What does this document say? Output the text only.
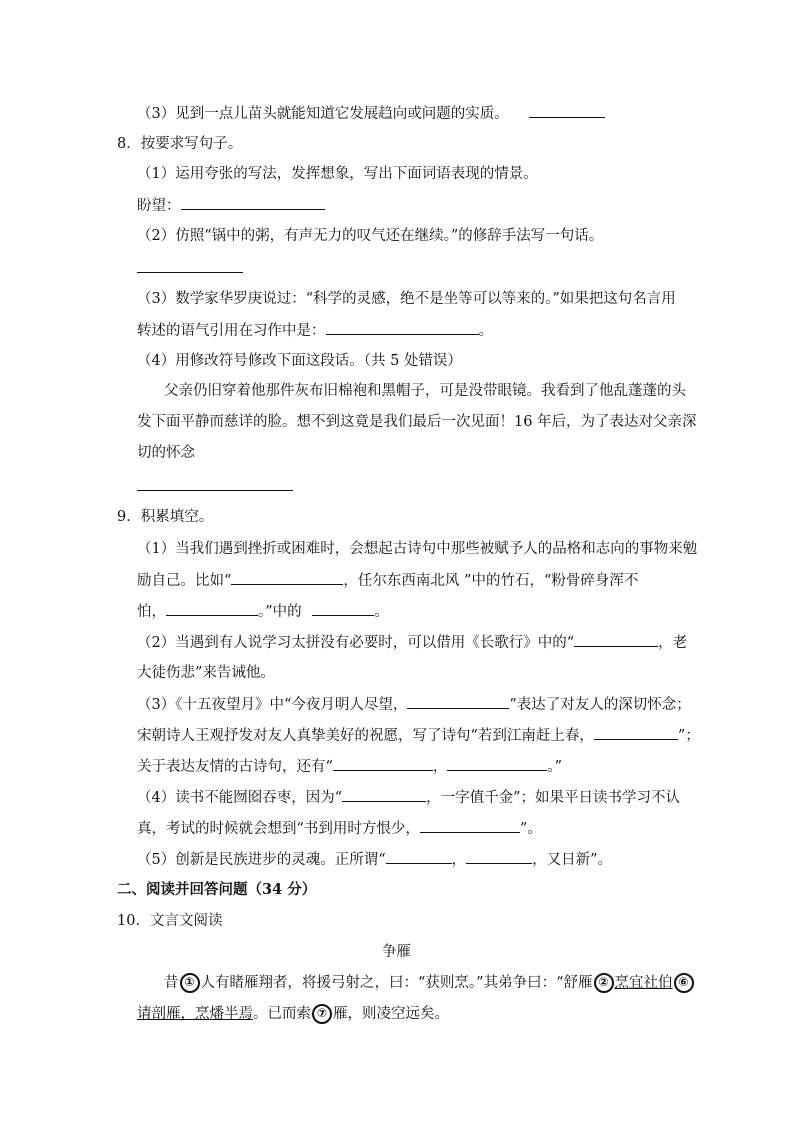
（3）见到一点儿苗头就能知道它发展趋向或问题的实质。
8．按要求写句子。
（1）运用夸张的写法，发挥想象，写出下面词语表现的情景。
盼望：
（2）仿照“锅中的粥，有声无力的叹气还在继续。”的修辞手法写一句话。
（3）数学家华罗庚说过：“科学的灵感，绝不是坐等可以等来的。”如果把这句名言用
转述的语气引用在习作中是：	。
（4）用修改符号修改下面这段话。（共 5 处错误）
父亲仍旧穿着他那件灰布旧棉袍和黑帽子，可是没带眼镜。我看到了他乱蓬蓬的头
发下面平静而慈详的脸。想不到这竟是我们最后一次见面！16 年后，为了表达对父亲深
切的怀念
9．积累填空。
（1）当我们遇到挫折或困难时，会想起古诗句中那些被赋予人的品格和志向的事物来勉
励自己。比如“	，任尔东西南北风 ”中的竹石，“粉骨碎身浑不
怕，	。”中的	。
（2）当遇到有人说学习太拼没有必要时，可以借用《长歌行》中的“	，老
大徒伤悲”来告诫他。
（3）《十五夜望月》中“今夜月明人尽望，	”表达了对友人的深切怀念；
宋朝诗人王观抒发对友人真挚美好的祝愿，写了诗句“若到江南赶上春，	”；
关于表达友情的古诗句，还有“	，	。”
（4）读书不能囫囵吞枣，因为“	，一字值千金”；如果平日读书学习不认
真，考试的时候就会想到“书到用时方恨少，	”。
（5）创新是民族进步的灵魂。正所谓“	，	，又日新”。
二、阅读并回答问题（34 分）
10．文言文阅读
争雁
昔 ① 人有睹雁翔者，将援弓射之，曰：“获则烹。”其弟争曰：“舒雁 ② 烹宜社伯 ⑥
请剖雁，烹燔半焉。已而索 ⑦ 雁，则凌空远矣。
